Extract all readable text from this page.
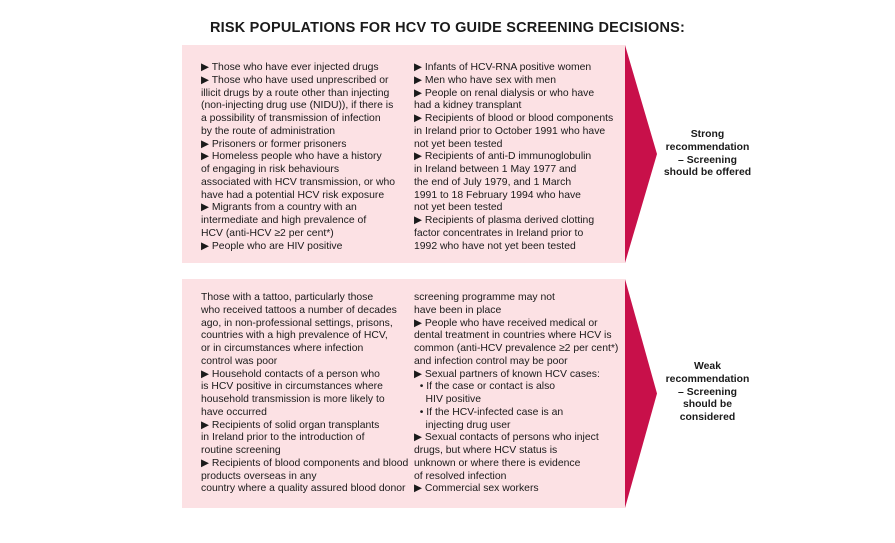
RISK POPULATIONS FOR HCV TO GUIDE SCREENING DECISIONS:
▶ Those who have ever injected drugs
▶ Those who have used unprescribed or
illicit drugs by a route other than injecting
(non-injecting drug use (NIDU)), if there is
a possibility of transmission of infection
by the route of administration
▶ Prisoners or former prisoners
▶ Homeless people who have a history
of engaging in risk behaviours
associated with HCV transmission, or who
have had a potential HCV risk exposure
▶ Migrants from a country with an
intermediate and high prevalence of
HCV (anti-HCV ≥2 per cent*)
▶ People who are HIV positive
▶ Infants of HCV-RNA positive women
▶ Men who have sex with men
▶ People on renal dialysis or who have
had a kidney transplant
▶ Recipients of blood or blood components
in Ireland prior to October 1991 who have
not yet been tested
▶ Recipients of anti-D immunoglobulin
in Ireland between 1 May 1977 and
the end of July 1979, and 1 March
1991 to 18 February 1994 who have
not yet been tested
▶ Recipients of plasma derived clotting
factor concentrates in Ireland prior to
1992 who have not yet been tested
Strong
recommendation
– Screening
should be offered
Those with a tattoo, particularly those
who received tattoos a number of decades
ago, in non-professional settings, prisons,
countries with a high prevalence of HCV,
or in circumstances where infection
control was poor
▶ Household contacts of a person who
is HCV positive in circumstances where
household transmission is more likely to
have occurred
▶ Recipients of solid organ transplants
in Ireland prior to the introduction of
routine screening
▶ Recipients of blood components and blood
products overseas in any
country where a quality assured blood donor
screening programme may not
have been in place
▶ People who have received medical or
dental treatment in countries where HCV is
common (anti-HCV prevalence ≥2 per cent*)
and infection control may be poor
▶ Sexual partners of known HCV cases:
• If the case or contact is also
HIV positive
• If the HCV-infected case is an
injecting drug user
▶ Sexual contacts of persons who inject
drugs, but where HCV status is
unknown or where there is evidence
of resolved infection
▶ Commercial sex workers
Weak
recommendation
– Screening
should be
considered
